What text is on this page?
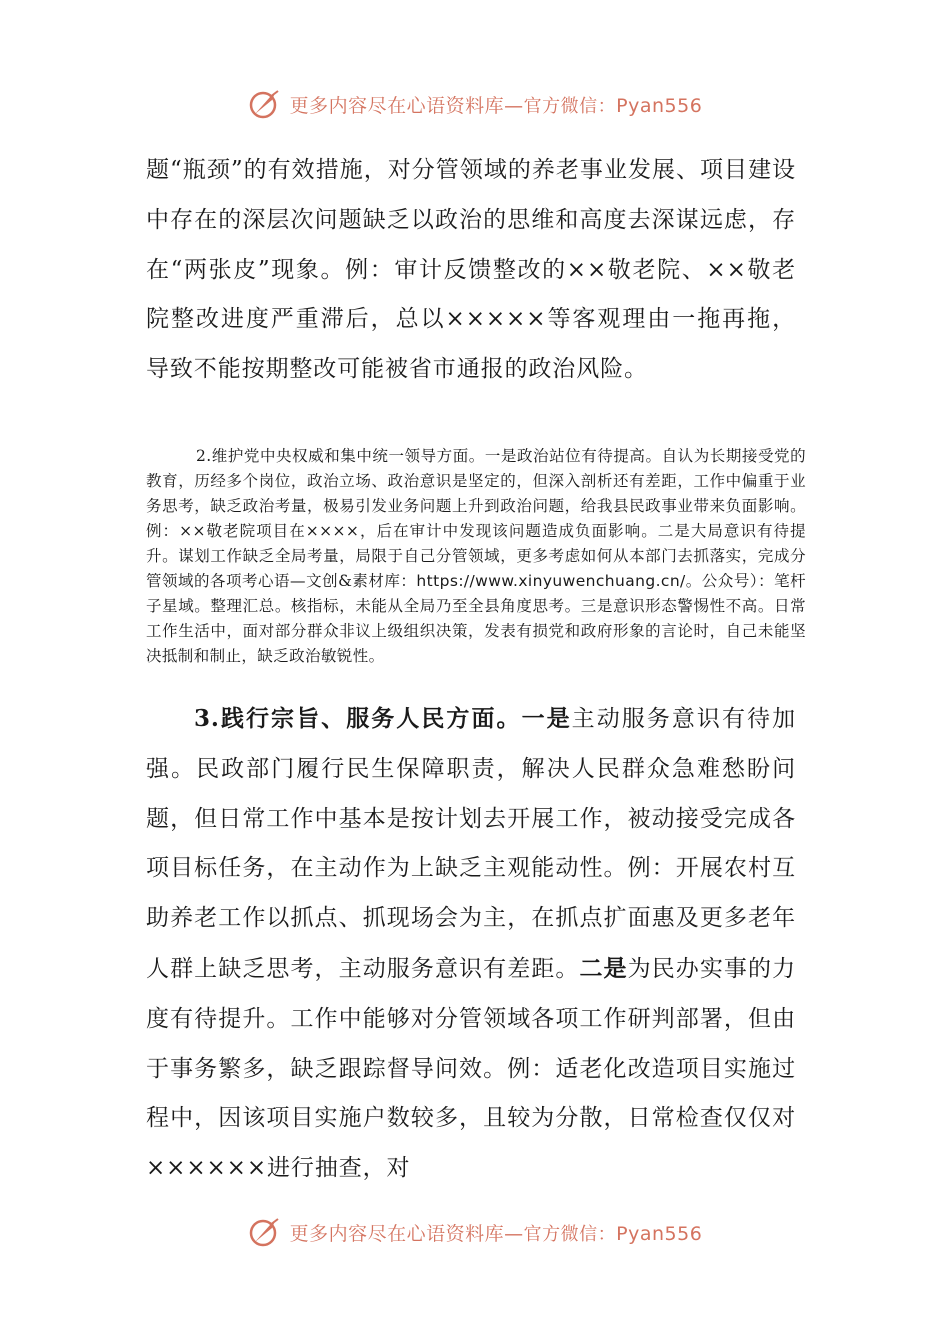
更多内容尽在心语资料库—官方微信：Pyan556

题“瓶颈”的有效措施，对分管领域的养老事业发展、项目建设中存在的深层次问题缺乏以政治的思维和高度去深谋远虑，存在“两张皮”现象。例：审计反馈整改的××敬老院、××敬老院整改进度严重滞后，总以×××××等客观理由一拖再拖，导致不能按期整改可能被省市通报的政治风险。

2.维护党中央权威和集中统一领导方面。一是政治站位有待提高。自认为长期接受党的教育，历经多个岗位，政治立场、政治意识是坚定的，但深入剖析还有差距，工作中偏重于业务思考，缺乏政治考量，极易引发业务问题上升到政治问题，给我县民政事业带来负面影响。例：××敬老院项目在××××，后在审计中发现该问题造成负面影响。二是大局意识有待提升。谋划工作缺乏全局考量，局限于自己分管领域，更多考虑如何从本部门去抓落实，完成分管领域的各项考心语—文创&素材库：https://www.xinyuwenchuang.cn/。公众号）：笔杆子星域。整理汇总。核指标，未能从全局乃至全县角度思考。三是意识形态警惕性不高。日常工作生活中，面对部分群众非议上级组织决策，发表有损党和政府形象的言论时，自己未能坚决抵制和制止，缺乏政治敏锐性。

3.践行宗旨、服务人民方面。一是主动服务意识有待加强。民政部门履行民生保障职责，解决人民群众急难愁盼问题，但日常工作中基本是按计划去开展工作，被动接受完成各项目标任务，在主动作为上缺乏主观能动性。例：开展农村互助养老工作以抓点、抓现场会为主，在抓点扩面惠及更多老年人群上缺乏思考，主动服务意识有差距。二是为民办实事的力度有待提升。工作中能够对分管领域各项工作研判部署，但由于事务繁多，缺乏跟踪督导问效。例：适老化改造项目实施过程中，因该项目实施户数较多，且较为分散，日常检查仅仅对××××××进行抽查，对

更多内容尽在心语资料库—官方微信：Pyan556
